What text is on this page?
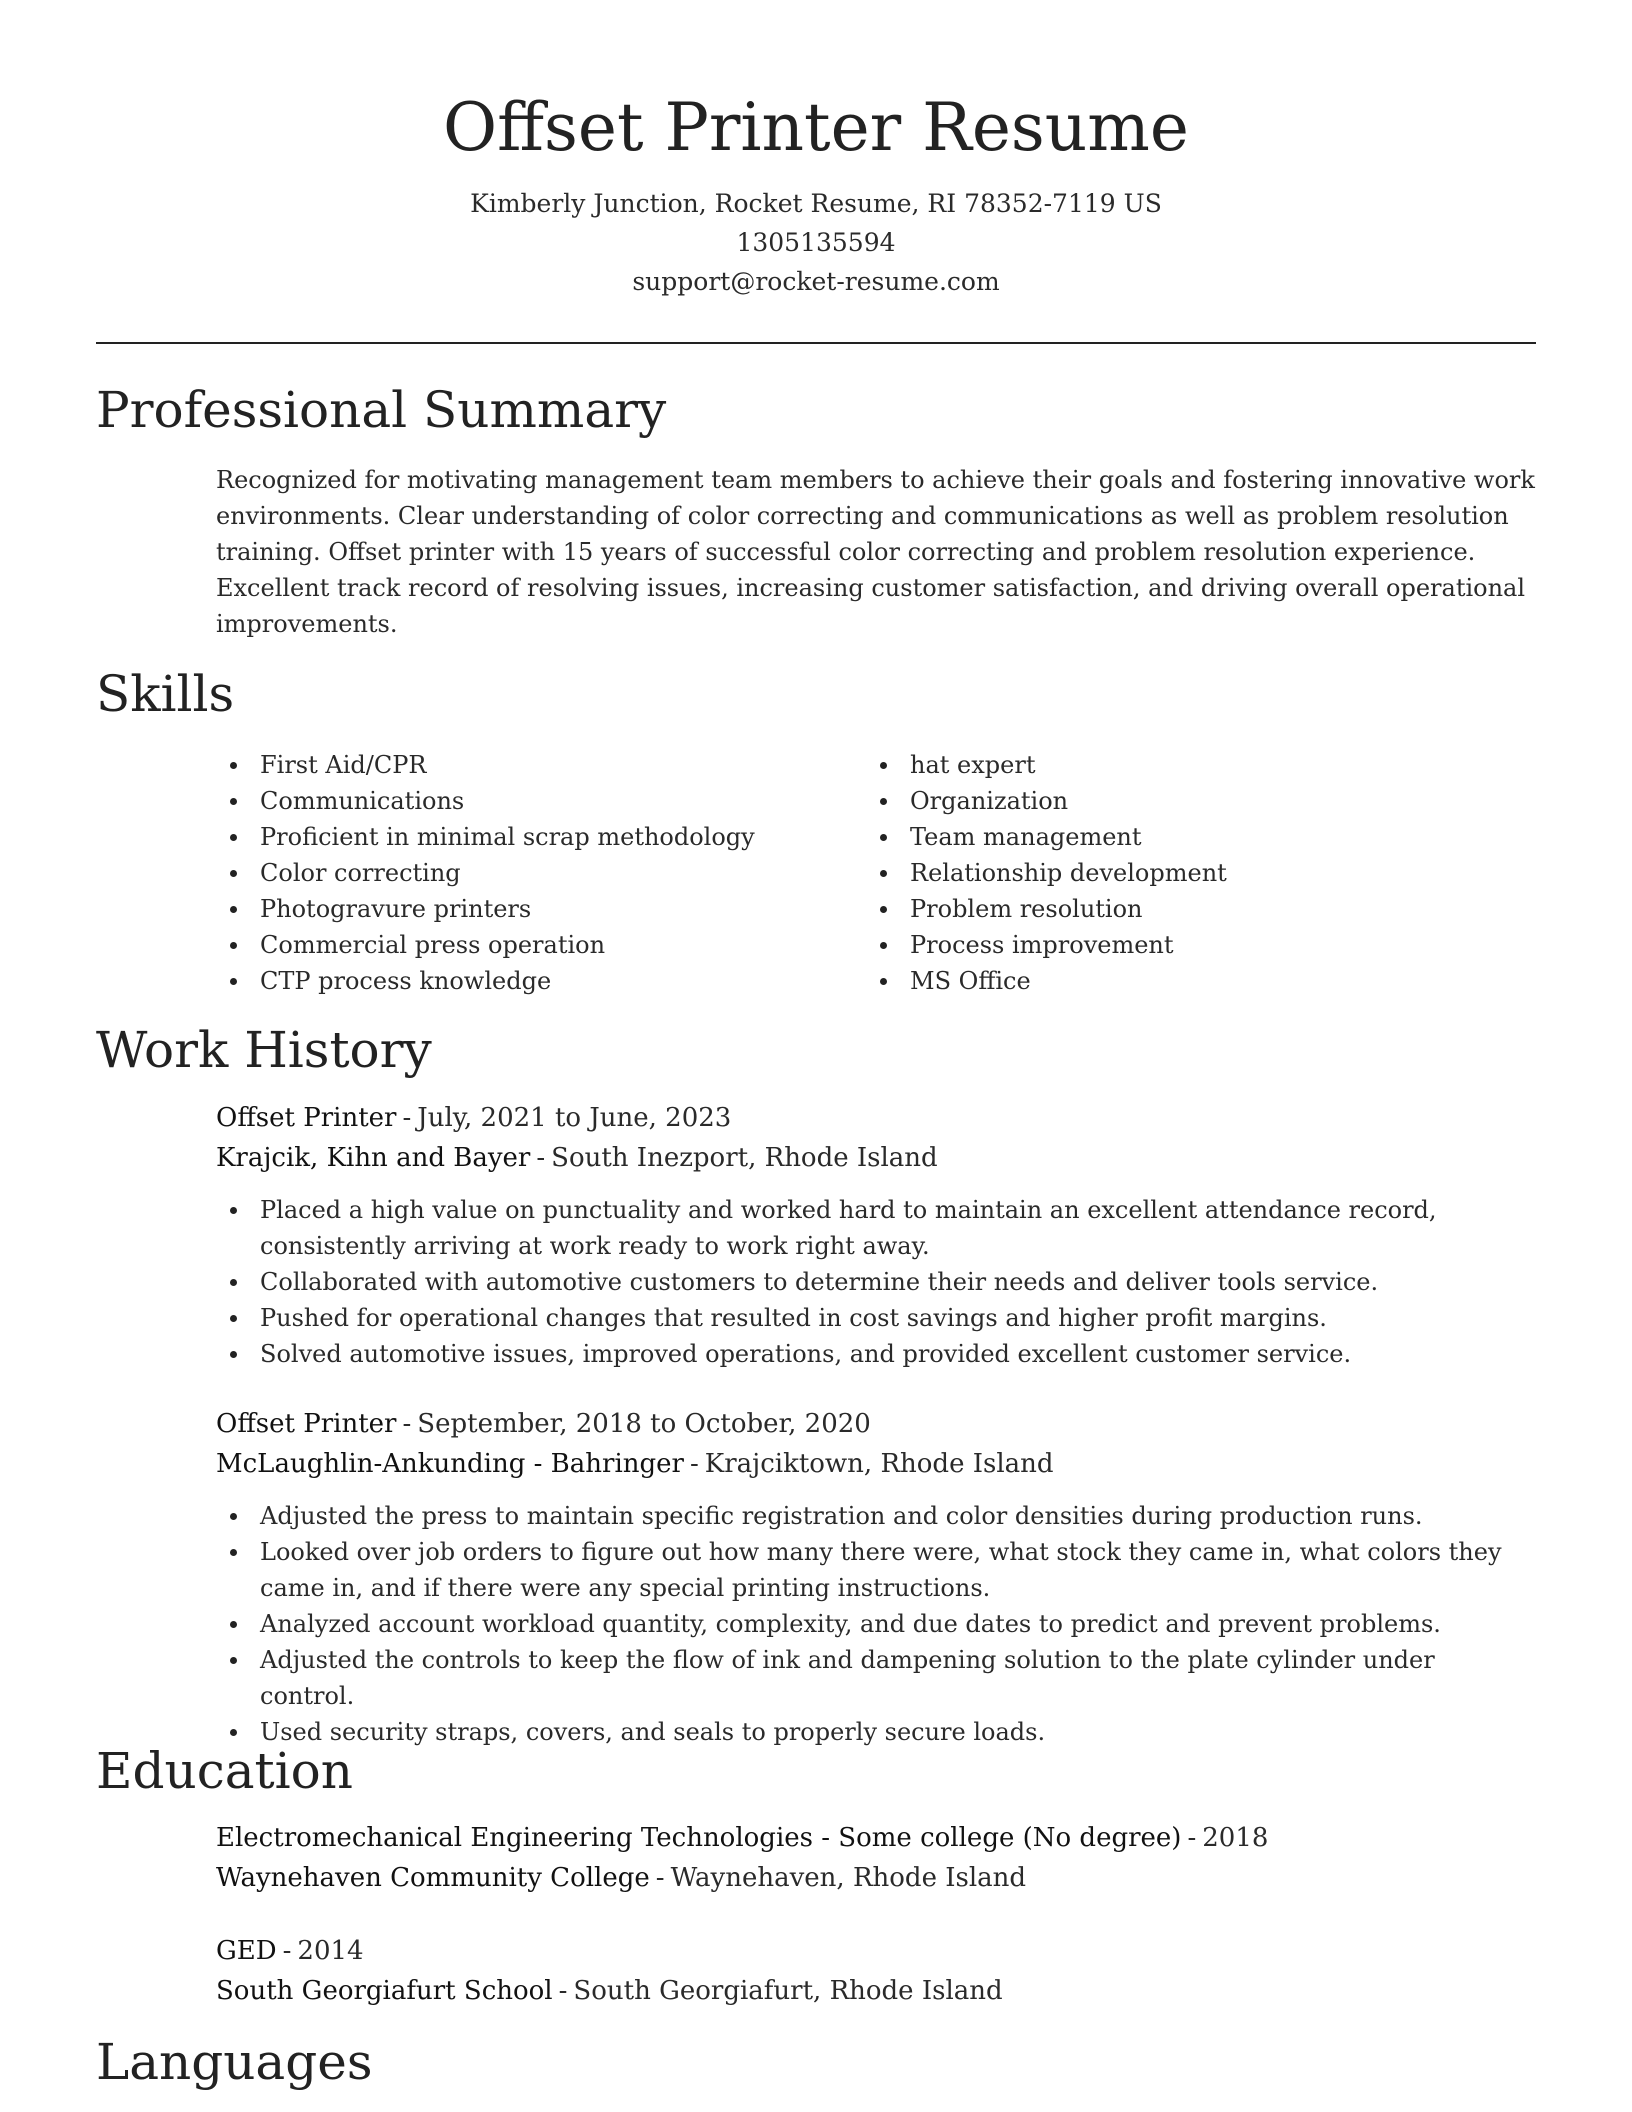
Offset Printer Resume

Kimberly Junction, Rocket Resume, RI 78352-7119 US

1305135594

support@rocket-resume.com

Professional Summary

Recognized for motivating management team members to achieve their goals and fostering innovative work environments. Clear understanding of color correcting and communications as well as problem resolution training. Offset printer with 15 years of successful color correcting and problem resolution experience. Excellent track record of resolving issues, increasing customer satisfaction, and driving overall operational improvements.

Skills
First Aid/CPR
Communications
Proficient in minimal scrap methodology
Color correcting
Photogravure printers
Commercial press operation
CTP process knowledge
hat expert
Organization
Team management
Relationship development
Problem resolution
Process improvement
MS Office
Work History

Offset Printer - July, 2021 to June, 2023

Krajcik, Kihn and Bayer - South Inezport, Rhode Island

Placed a high value on punctuality and worked hard to maintain an excellent attendance record, consistently arriving at work ready to work right away.
Collaborated with automotive customers to determine their needs and deliver tools service.
Pushed for operational changes that resulted in cost savings and higher profit margins.
Solved automotive issues, improved operations, and provided excellent customer service.

Offset Printer - September, 2018 to October, 2020

McLaughlin-Ankunding - Bahringer - Krajciktown, Rhode Island

Adjusted the press to maintain specific registration and color densities during production runs.
Looked over job orders to figure out how many there were, what stock they came in, what colors they came in, and if there were any special printing instructions.
Analyzed account workload quantity, complexity, and due dates to predict and prevent problems.
Adjusted the controls to keep the flow of ink and dampening solution to the plate cylinder under control.
Used security straps, covers, and seals to properly secure loads.
Education

Electromechanical Engineering Technologies - Some college (No degree) - 2018

Waynehaven Community College - Waynehaven, Rhode Island

GED - 2014

South Georgiafurt School - South Georgiafurt, Rhode Island

Languages
